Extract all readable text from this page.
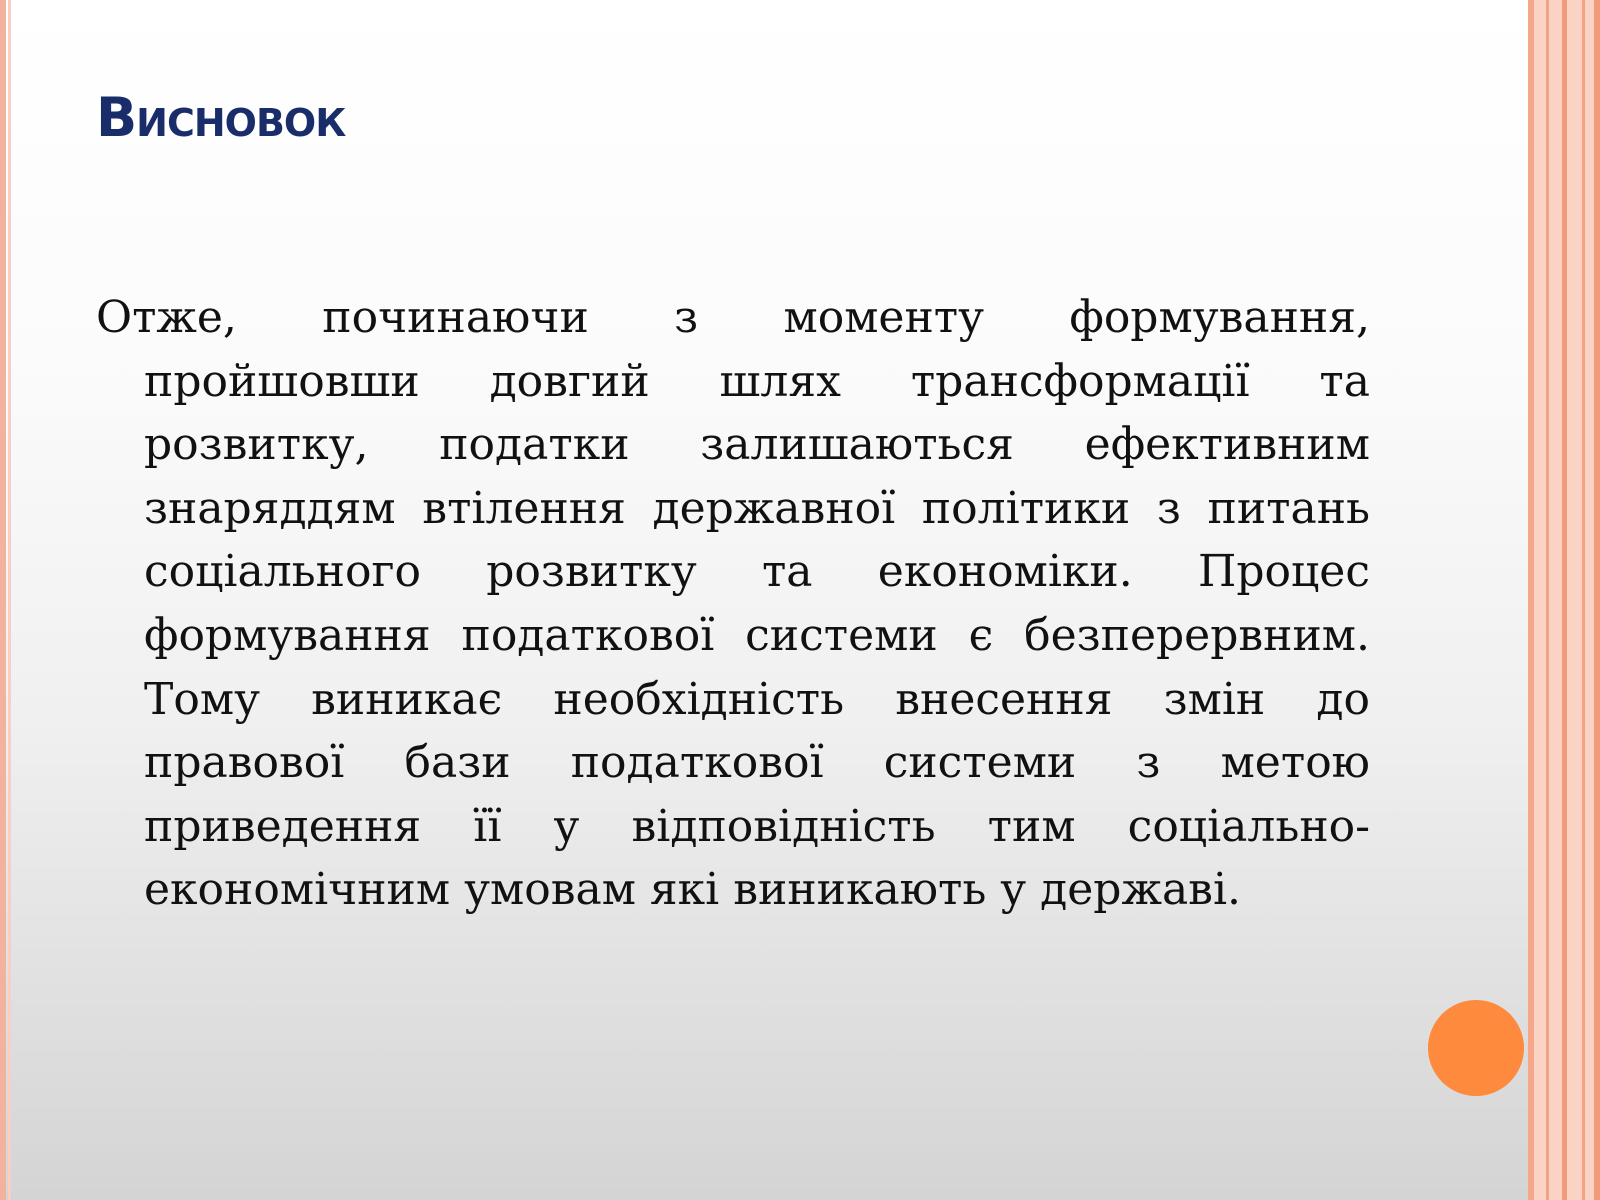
Висновок

Отже, починаючи з моменту формування, пройшовши довгий шлях трансформації та розвитку, податки залишаються ефективним знаряддям втілення державної політики з питань соціального розвитку та економіки. Процес формування податкової системи є безперервним. Тому виникає необхідність внесення змін до правової бази податкової системи з метою приведення її у відповідність тим соціально-економічним умовам які виникають у державі.
